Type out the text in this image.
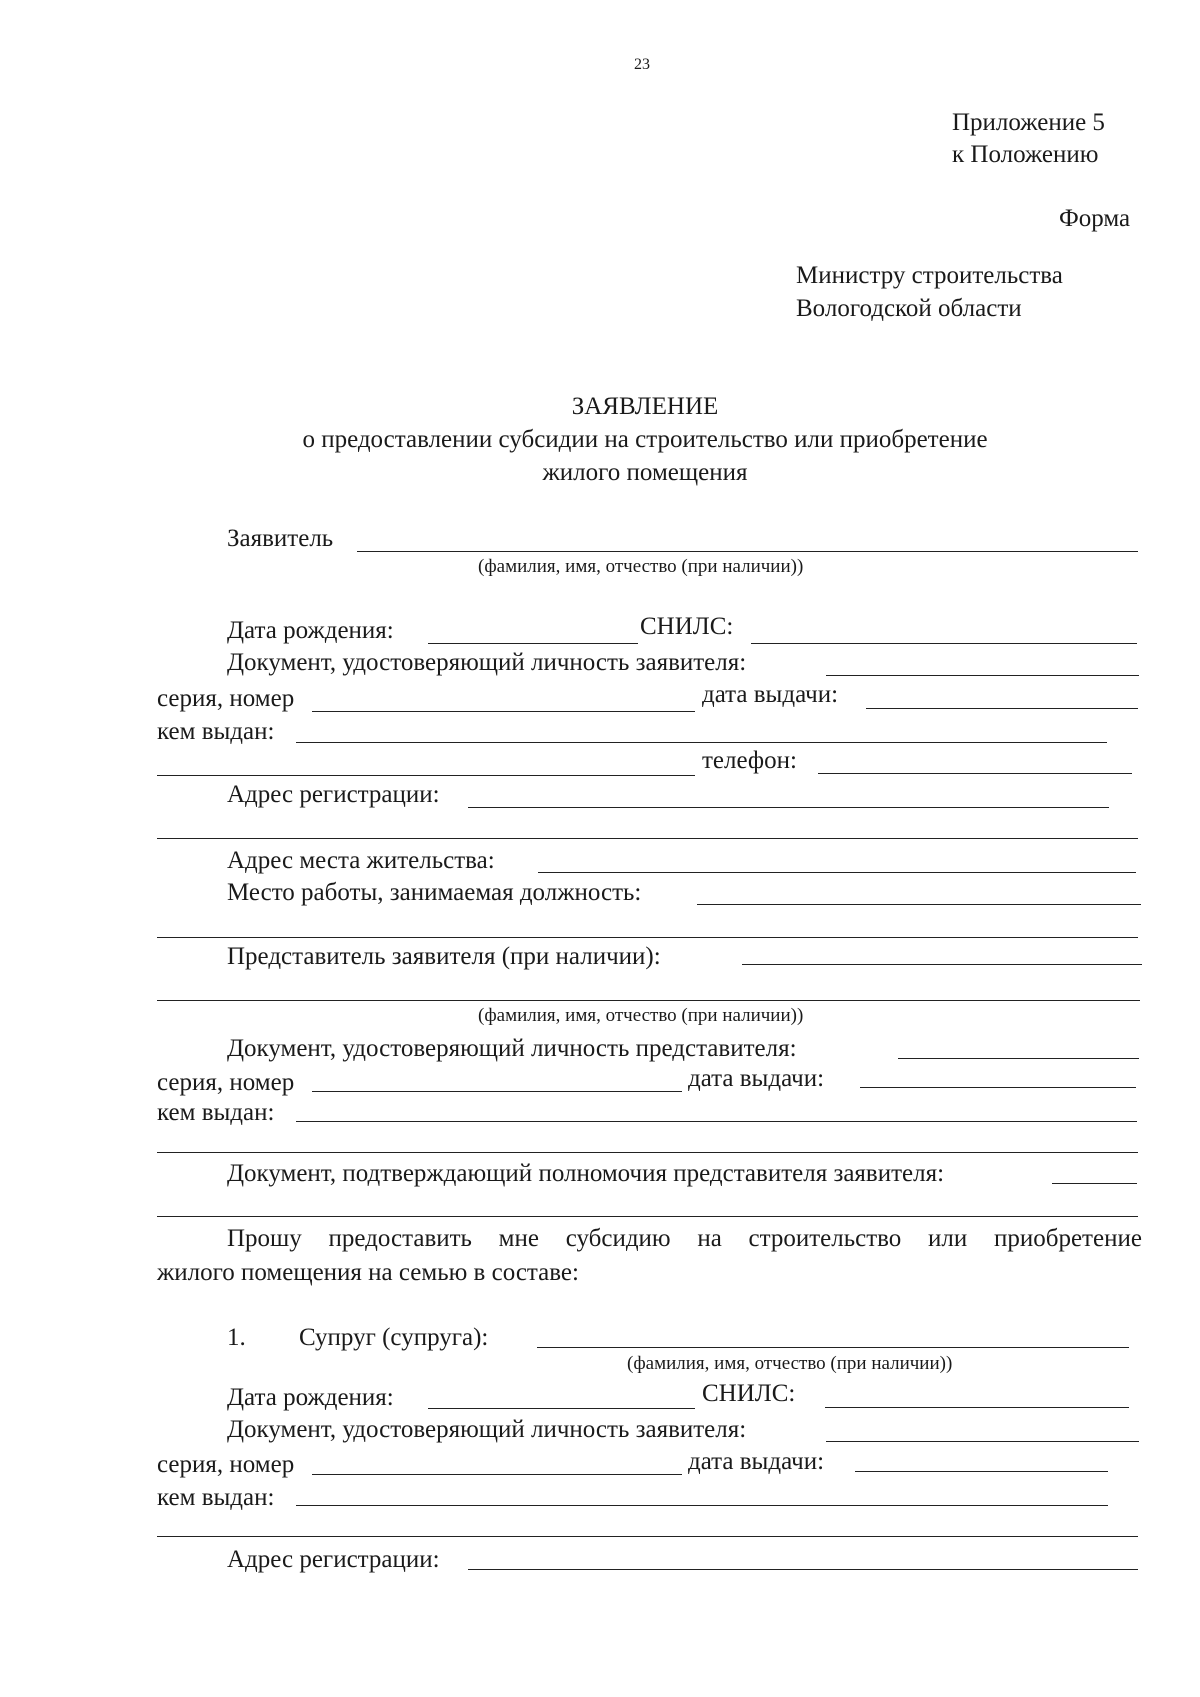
23
Приложение 5
к Положению
Форма
Министру строительства
Вологодской области
ЗАЯВЛЕНИЕ
о предоставлении субсидии на строительство или приобретение
жилого помещения
Заявитель
(фамилия, имя, отчество (при наличии))
Дата рождения:	СНИЛС:
Документ, удостоверяющий личность заявителя:
серия, номер	дата выдачи:
кем выдан:
телефон:
Адрес регистрации:
Адрес места жительства:
Место работы, занимаемая должность:
Представитель заявителя (при наличии):
(фамилия, имя, отчество (при наличии))
Документ, удостоверяющий личность представителя:
серия, номер	дата выдачи:
кем выдан:
Документ, подтверждающий полномочия представителя заявителя:
Прошу предоставить мне субсидию на строительство или приобретение
жилого помещения на семью в составе:
1. Супруг (супруга):
(фамилия, имя, отчество (при наличии))
Дата рождения:	СНИЛС:
Документ, удостоверяющий личность заявителя:
серия, номер	дата выдачи:
кем выдан:
Адрес регистрации:
